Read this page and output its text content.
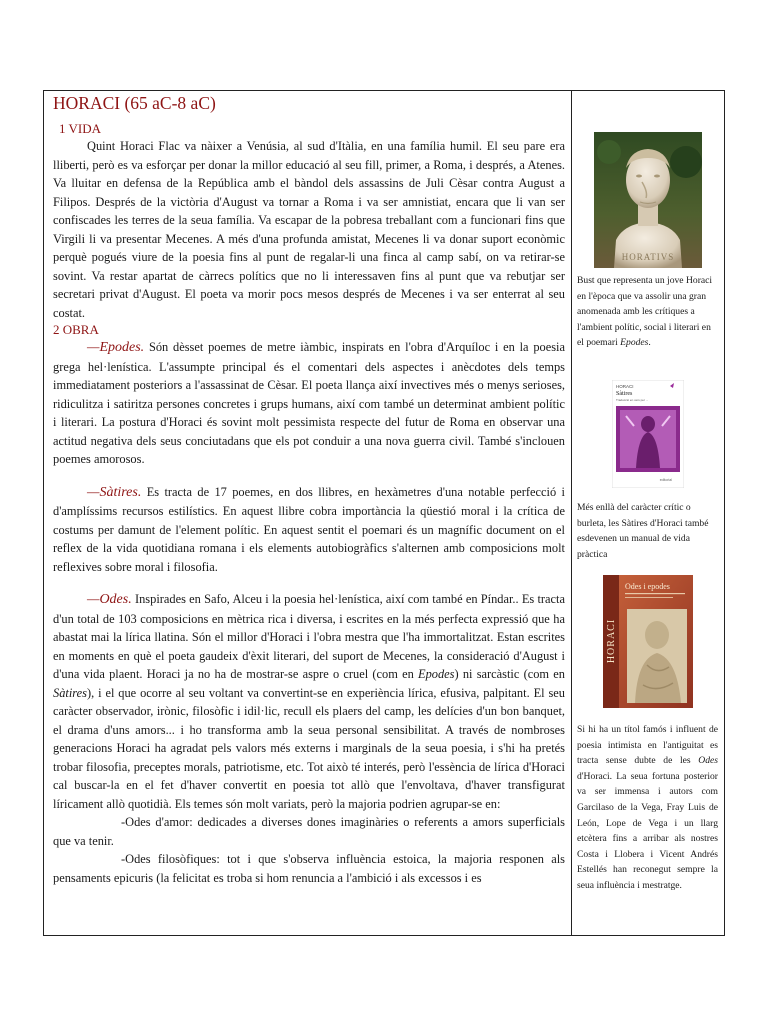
HORACI (65 aC-8 aC)
1 VIDA

Quint Horaci Flac va nàixer a Venúsia, al sud d'Itàlia, en una família humil. El seu pare era lliberti, però es va esforçar per donar la millor educació al seu fill, primer, a Roma, i després, a Atenes. Va lluitar en defensa de la República amb el bàndol dels assassins de Juli Cèsar contra August a Filipos. Després de la victòria d'August va tornar a Roma i va ser amnistiat, encara que li van ser confiscades les terres de la seua família. Va escapar de la pobresa treballant com a funcionari fins que Virgili li va presentar Mecenes. A més d'una profunda amistat, Mecenes li va donar suport econòmic perquè pogués viure de la poesia fins al punt de regalar-li una finca al camp sabí, on va retirar-se sovint. Va restar apartat de càrrecs polítics que no li interessaven fins al punt que va rebutjar ser secretari privat d'August. El poeta va morir pocs mesos després de Mecenes i va ser enterrat al seu costat.

2 OBRA

—Epodes. Són dèsset poemes de metre iàmbic, inspirats en l'obra d'Arquíloc i en la poesia grega hel·lenística. L'assumpte principal és el comentari dels aspectes i anècdotes dels temps immediatament posteriors a l'assassinat de Cèsar. El poeta llança així invectives més o menys serioses, ridiculitza i satiritza persones concretes i grups humans, així com també un determinat ambient polític i literari. La postura d'Horaci és sovint molt pessimista respecte del futur de Roma en observar una actitud negativa dels seus conciutadans que els pot conduir a una nova guerra civil. També s'inclouen poemes amorosos.

—Sàtires. Es tracta de 17 poemes, en dos llibres, en hexàmetres d'una notable perfecció i d'amplíssims recursos estilístics. En aquest llibre cobra importància la qüestió moral i la crítica de costums per damunt de l'element polític. En aquest sentit el poemari és un magnífic document on el reflex de la vida quotidiana romana i els elements autobiogràfics s'alternen amb composicions molt reflexives sobre moral i filosofia.

—Odes. Inspirades en Safo, Alceu i la poesia hel·lenística, així com també en Píndar.. Es tracta d'un total de 103 composicions en mètrica rica i diversa, i escrites en la més perfecta expressió que ha abastat mai la lírica llatina. Són el millor d'Horaci i l'obra mestra que l'ha immortalitzat. Estan escrites en moments en què el poeta gaudeix d'èxit literari, del suport de Mecenes, la consideració d'August i d'una vida plaent. Horaci ja no ha de mostrar-se aspre o cruel (com en Epodes) ni sarcàstic (com en Sàtires), i el que ocorre al seu voltant va convertint-se en experiència lírica, efusiva, palpitant. El seu caràcter observador, irònic, filosòfic i idil·lic, recull els plaers del camp, les delícies d'un bon banquet, el drama d'uns amors... i ho transforma amb la seua personal sensibilitat. A través de nombroses generacions Horaci ha agradat pels valors més externs i marginals de la seua poesia, i s'hi ha pretés trobar filosofia, preceptes morals, patriotisme, etc. Tot això té interés, però l'essència de lírica d'Horaci cal buscar-la en el fet d'haver convertit en poesia tot allò que l'envoltava, d'haver transfigurat líricament allò quotidià. Els temes són molt variats, però la majoria podrien agrupar-se en:

-Odes d'amor: dedicades a diverses dones imaginàries o referents a amors superficials que va tenir.

-Odes filosòfiques: tot i que s'observa influència estoica, la majoria responen als pensaments epicuris (la felicitat es troba si hom renuncia a l'ambició i als excessos i es

HORATIVS
Bust que representa un jove Horaci en l'època que va assolir una gran anomenada amb les crítiques a l'ambient polític, social i literari en el poemari Epodes.
HORACI
Sàtires
Traducció en vers per ...
editorial
Més enllà del caràcter crític o burleta, les Sàtires d'Horaci també esdevenen un manual de vida pràctica
HORACI
Odes i epodes
Si hi ha un títol famós i influent de poesia intimista en l'antiguitat es tracta sense dubte de les Odes d'Horaci. La seua fortuna posterior va ser immensa i autors com Garcilaso de la Vega, Fray Luis de León, Lope de Vega i un llarg etcètera fins a arribar als nostres Costa i Llobera i Vicent Andrés Estellés han reconegut sempre la seua influència i mestratge.
